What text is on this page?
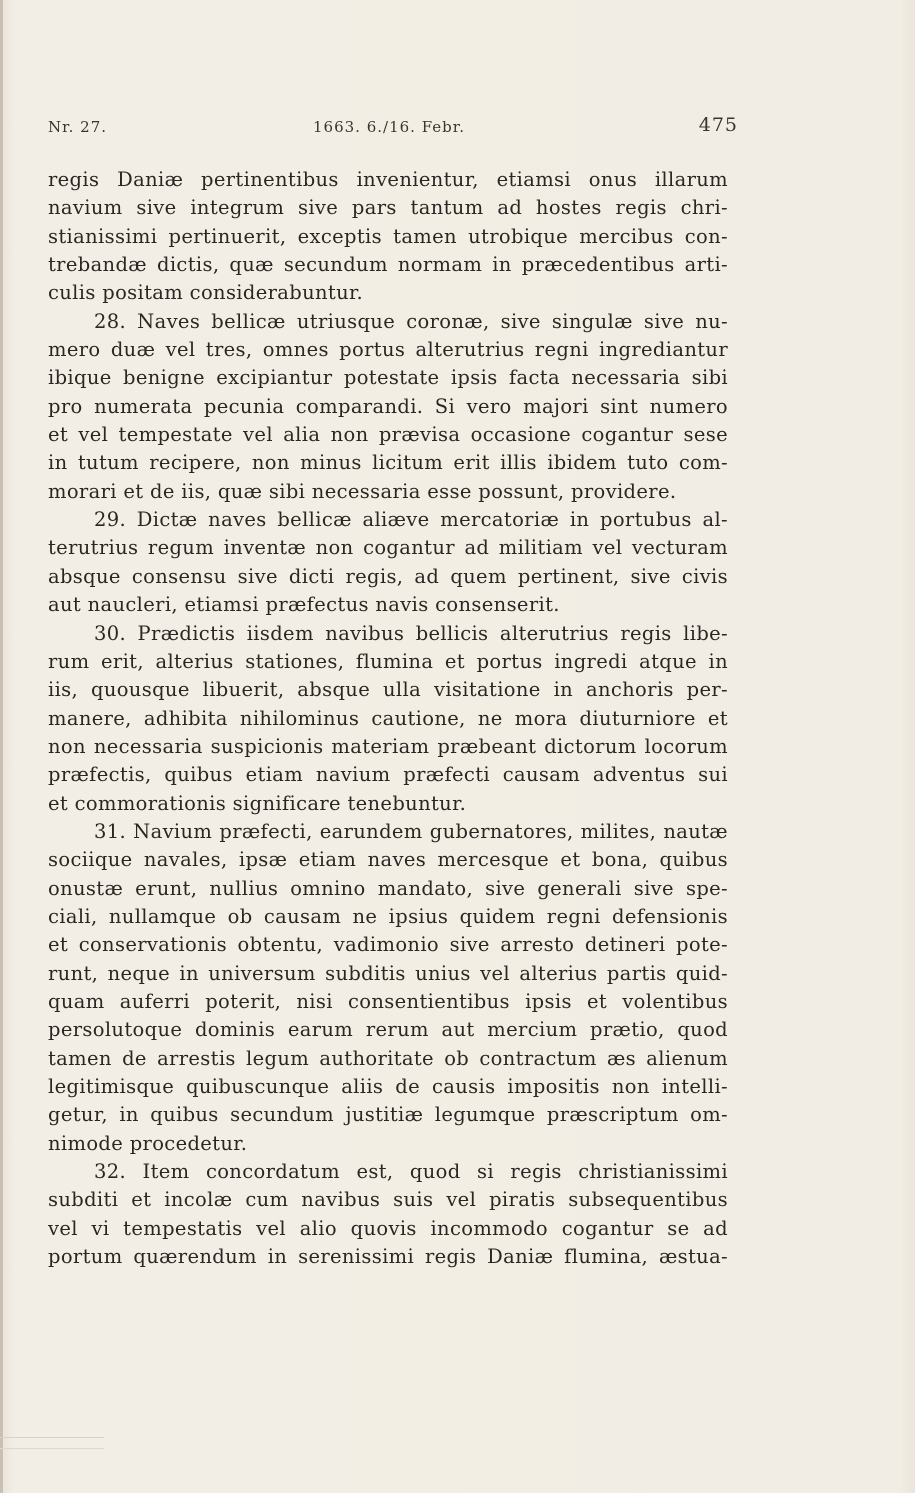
Nr. 27.	1663. 6./16. Febr.	475
regis Daniæ pertinentibus invenientur, etiamsi onus illarum
navium sive integrum sive pars tantum ad hostes regis chri-
stianissimi pertinuerit, exceptis tamen utrobique mercibus con-
trebandæ dictis, quæ secundum normam in præcedentibus arti-
culis positam considerabuntur.
28. Naves bellicæ utriusque coronæ, sive singulæ sive nu-
mero duæ vel tres, omnes portus alterutrius regni ingrediantur
ibique benigne excipiantur potestate ipsis facta necessaria sibi
pro numerata pecunia comparandi. Si vero majori sint numero
et vel tempestate vel alia non prævisa occasione cogantur sese
in tutum recipere, non minus licitum erit illis ibidem tuto com-
morari et de iis, quæ sibi necessaria esse possunt, providere.
29. Dictæ naves bellicæ aliæve mercatoriæ in portubus al-
terutrius regum inventæ non cogantur ad militiam vel vecturam
absque consensu sive dicti regis, ad quem pertinent, sive civis
aut naucleri, etiamsi præfectus navis consenserit.
30. Prædictis iisdem navibus bellicis alterutrius regis libe-
rum erit, alterius stationes, flumina et portus ingredi atque in
iis, quousque libuerit, absque ulla visitatione in anchoris per-
manere, adhibita nihilominus cautione, ne mora diuturniore et
non necessaria suspicionis materiam præbeant dictorum locorum
præfectis, quibus etiam navium præfecti causam adventus sui
et commorationis significare tenebuntur.
31. Navium præfecti, earundem gubernatores, milites, nautæ
sociique navales, ipsæ etiam naves mercesque et bona, quibus
onustæ erunt, nullius omnino mandato, sive generali sive spe-
ciali, nullamque ob causam ne ipsius quidem regni defensionis
et conservationis obtentu, vadimonio sive arresto detineri pote-
runt, neque in universum subditis unius vel alterius partis quid-
quam auferri poterit, nisi consentientibus ipsis et volentibus
persolutoque dominis earum rerum aut mercium prætio, quod
tamen de arrestis legum authoritate ob contractum æs alienum
legitimisque quibuscunque aliis de causis impositis non intelli-
getur, in quibus secundum justitiæ legumque præscriptum om-
nimode procedetur.
32. Item concordatum est, quod si regis christianissimi
subditi et incolæ cum navibus suis vel piratis subsequentibus
vel vi tempestatis vel alio quovis incommodo cogantur se ad
portum quærendum in serenissimi regis Daniæ flumina, æstua-
